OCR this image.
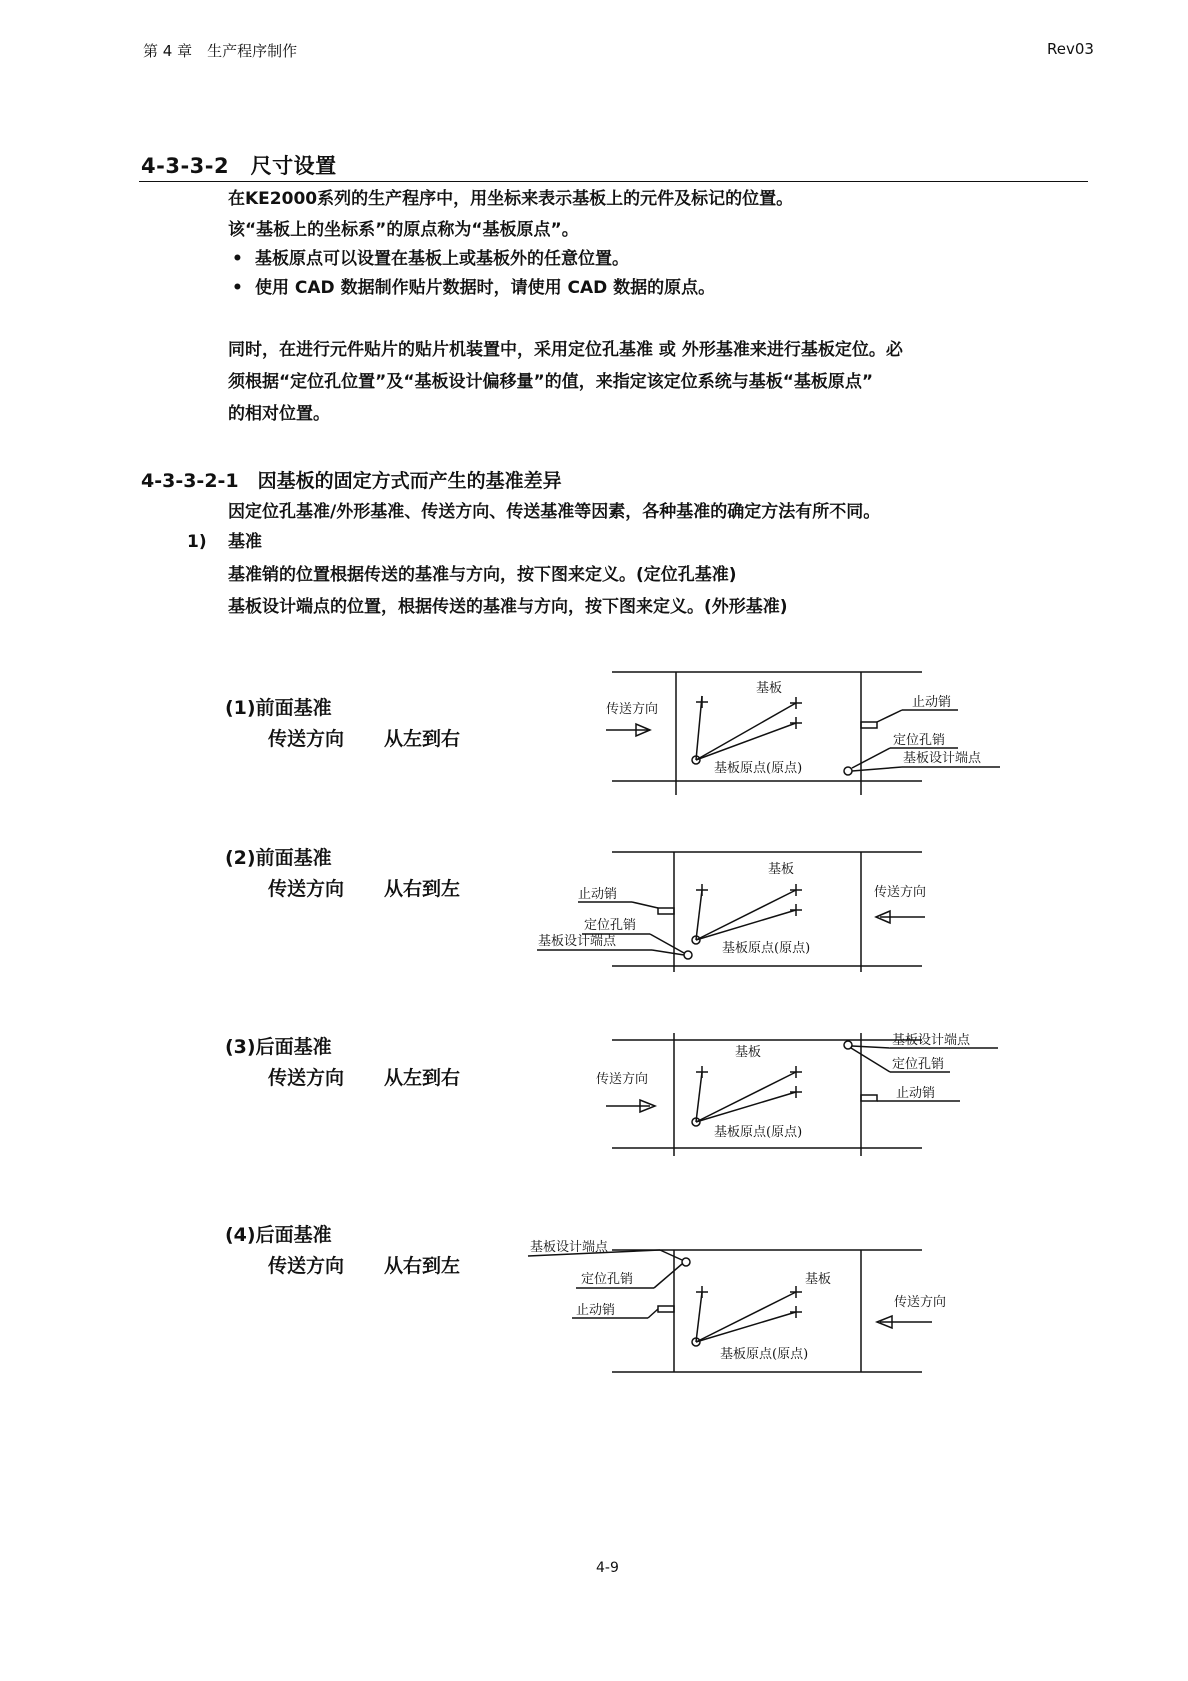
第 4 章　生产程序制作	Rev03
4-3-3-2　尺寸设置
在KE2000系列的生产程序中，用坐标来表示基板上的元件及标记的位置。
该“基板上的坐标系”的原点称为“基板原点”。
• 基板原点可以设置在基板上或基板外的任意位置。
• 使用 CAD 数据制作贴片数据时，请使用 CAD 数据的原点。
同时，在进行元件贴片的贴片机装置中，采用定位孔基准 或 外形基准来进行基板定位。必
须根据“定位孔位置”及“基板设计偏移量”的值，来指定该定位系统与基板“基板原点”
的相对位置。
4-3-3-2-1　因基板的固定方式而产生的基准差异
因定位孔基准/外形基准、传送方向、传送基准等因素，各种基准的确定方法有所不同。
1) 基准
基准销的位置根据传送的基准与方向，按下图来定义。(定位孔基准)
基板设计端点的位置，根据传送的基准与方向，按下图来定义。(外形基准)
(1)前面基准
传送方向 从左到右
基板
传送方向	止动销
定位孔销
基板设计端点
基板原点(原点)
(2)前面基准
传送方向 从右到左
基板
传送方向
止动销
定位孔销
基板设计端点	基板原点(原点)
(3)后面基准
传送方向 从左到右
基板
传送方向
基板设计端点
定位孔销
止动销
基板原点(原点)
(4)后面基准
传送方向 从右到左
基板设计端点
定位孔销
止动销
基板
传送方向
基板原点(原点)
4-9
